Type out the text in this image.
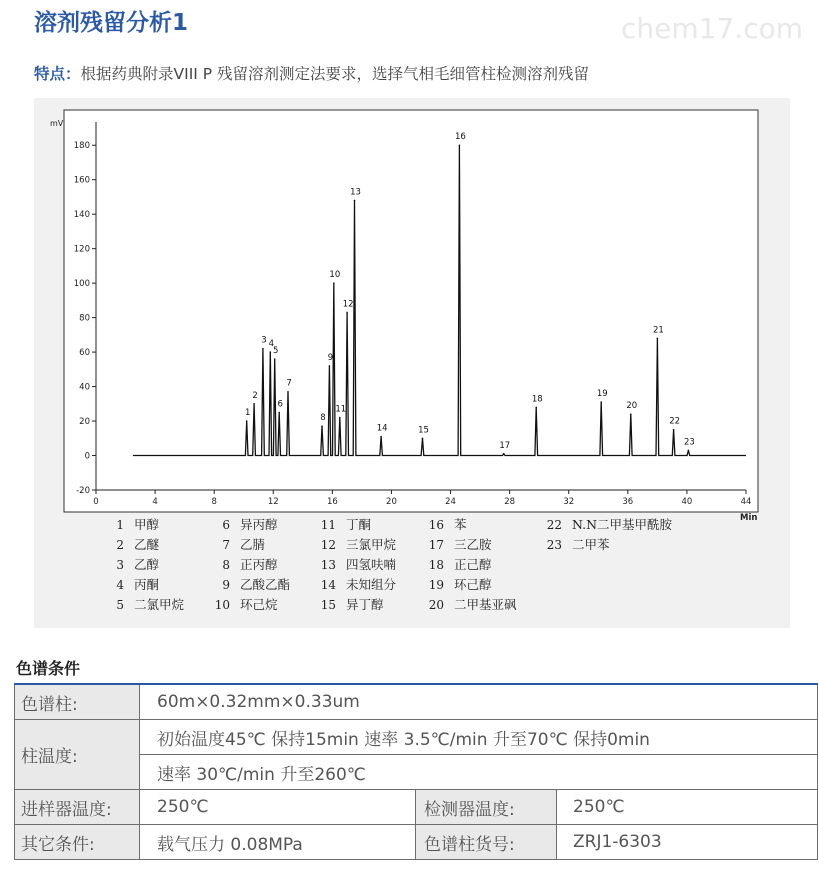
溶剂残留分析1	chem17.com
特点：根据药典附录VIII P 残留溶剂测定法要求，选择气相毛细管柱检测溶剂残留
-20
0
20
40
60
80
100
120
140
160
180
0	4	8	12	16	20	24	28	32	36	40	44
mV
Min
1
2
3 4
5
6
7
8
9
10
11
12
13
14	15
16
17
18
19
20
21
22
23
1 甲醇
2 乙醚
3 乙醇
4 丙酮
5 二氯甲烷
6 异丙醇
7 乙腈
8 正丙醇
9 乙酸乙酯
10 环己烷
11 丁酮
12 三氯甲烷
13 四氢呋喃
14 未知组分
15 异丁醇
16 苯
17 三乙胺
18 正己醇
19 环己醇
20 二甲基亚砜
22 N.N二甲基甲酰胺
23 二甲苯
色谱条件
色谱柱:	60m×0.32mm×0.33um		
柱温度:	初始温度45℃ 保持15min 速率 3.5℃/min 升至70℃ 保持0min		
	速率 30℃/min 升至260℃		
进样器温度:	250℃	检测器温度:	250℃
其它条件:	载气压力 0.08MPa	色谱柱货号:	ZRJ1-6303
